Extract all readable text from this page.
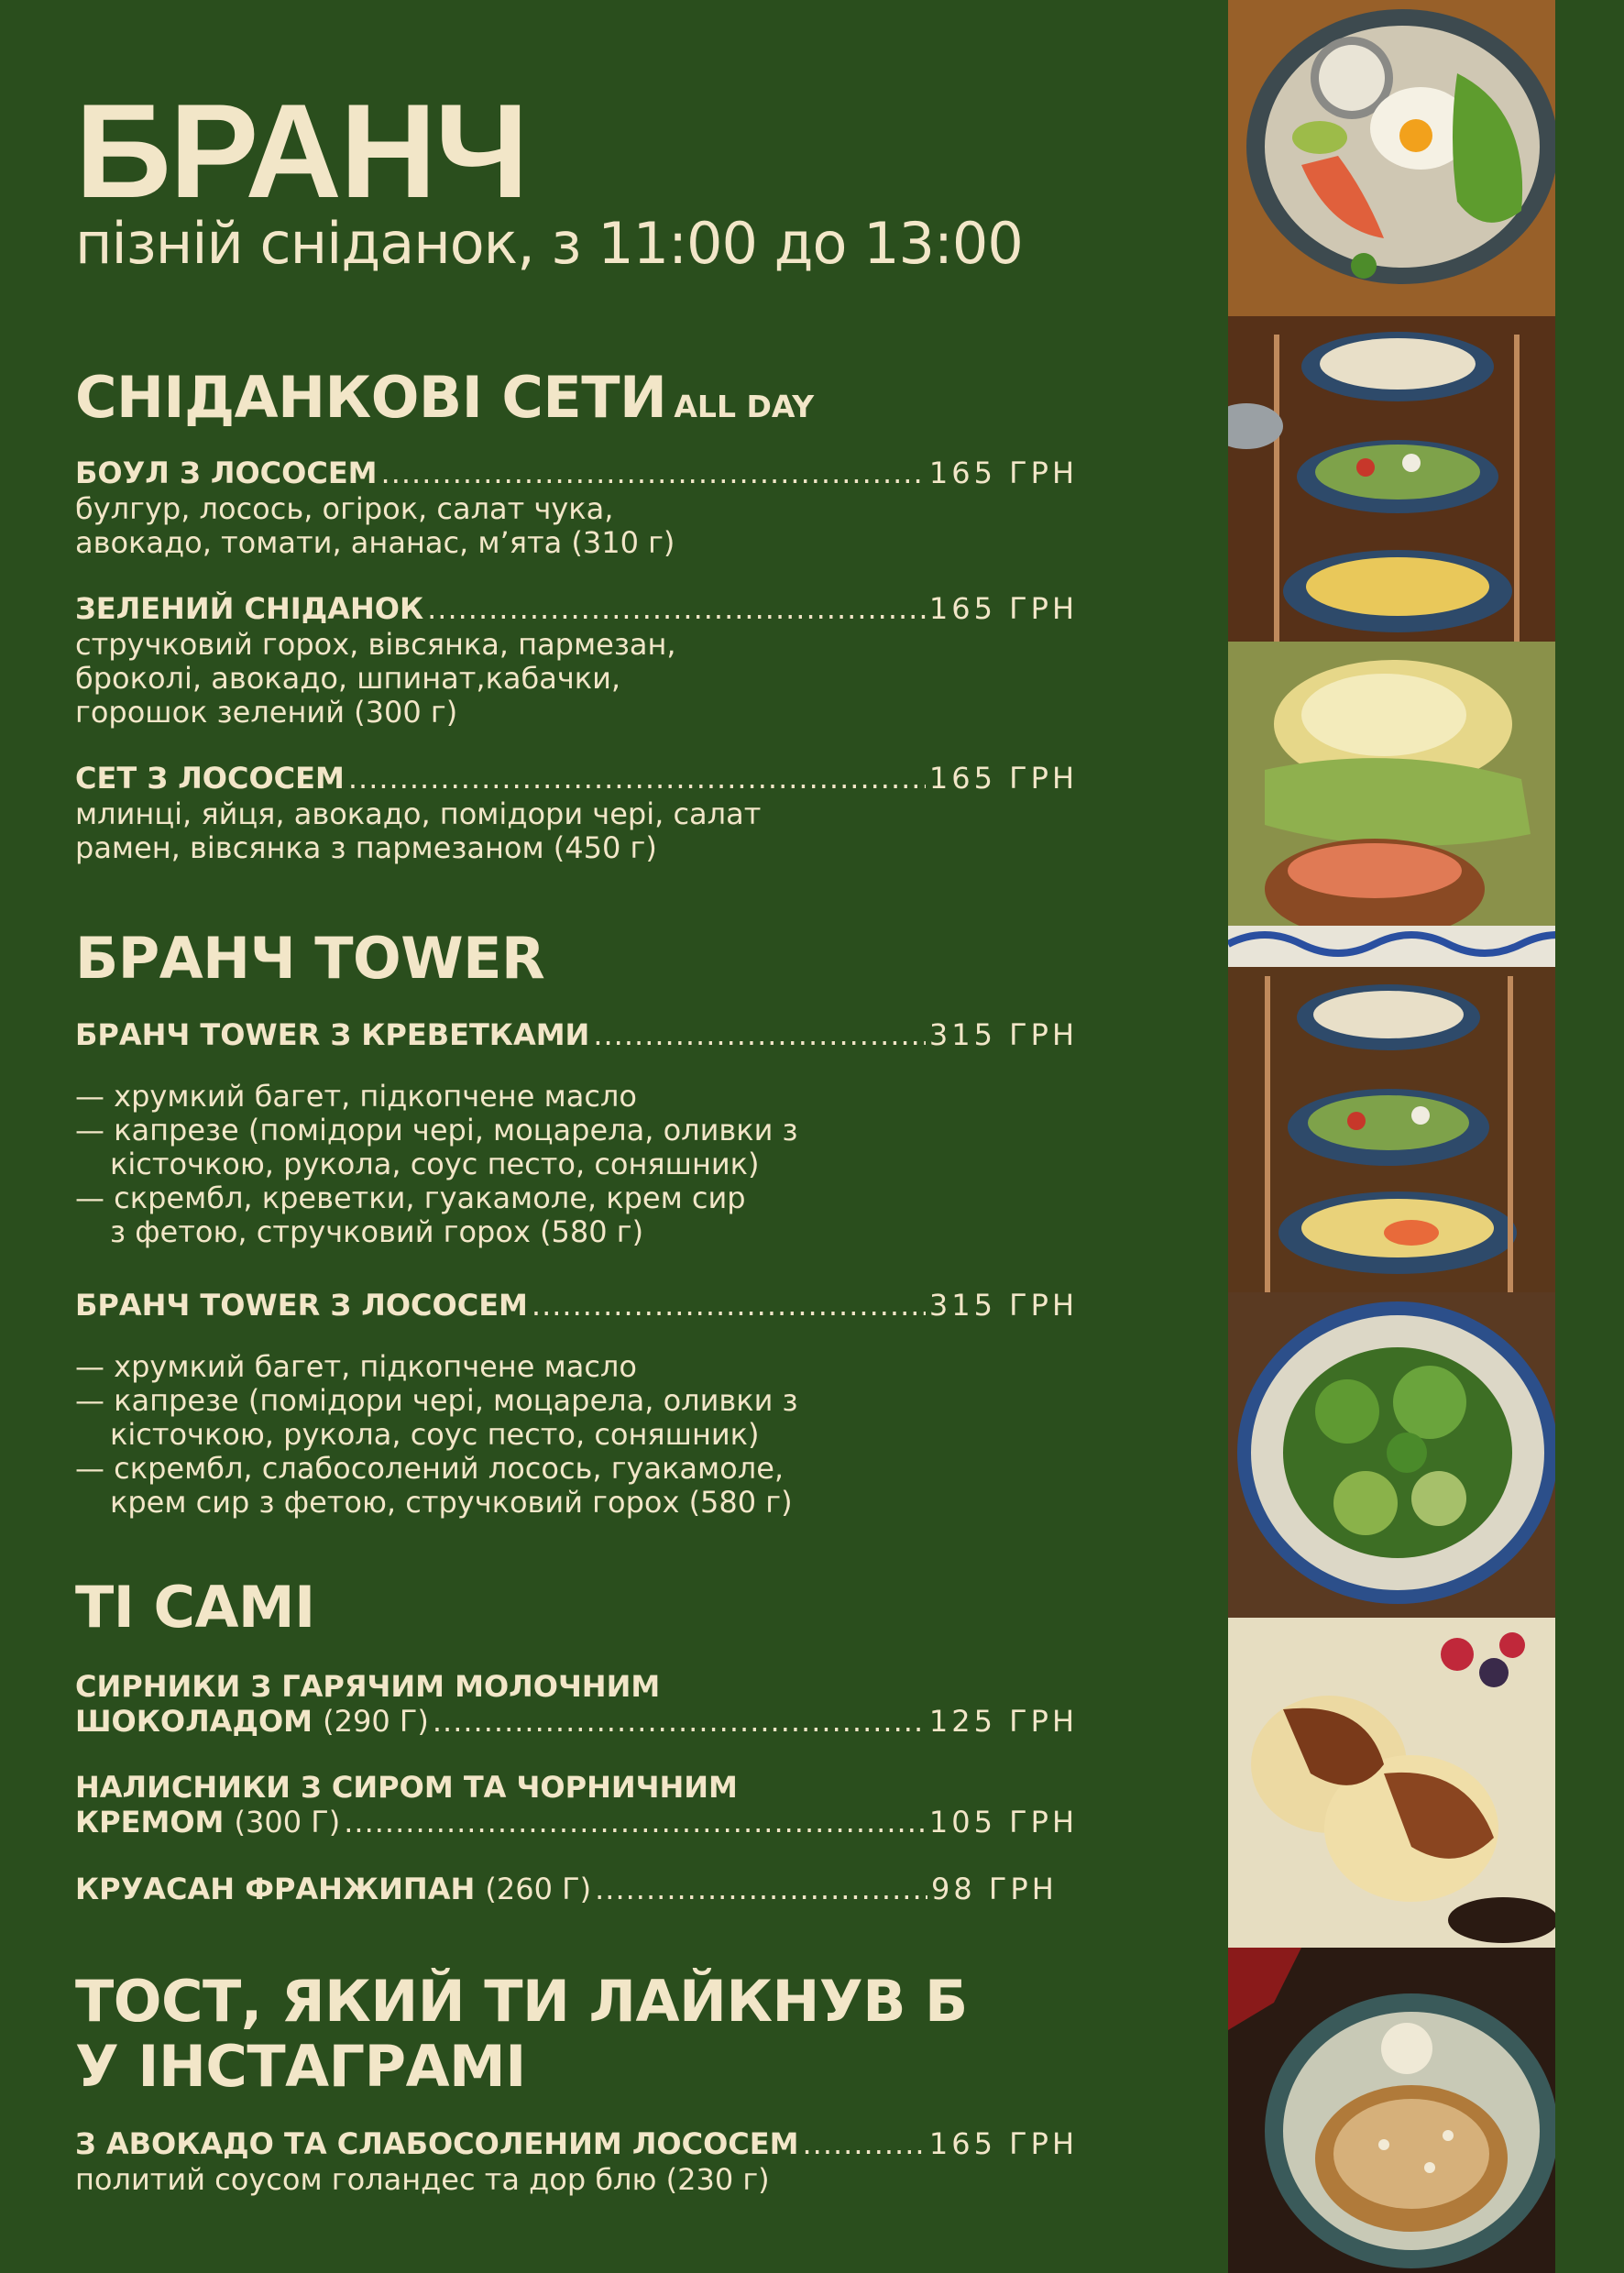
БРАНЧ
пізній сніданок, з 11:00 до 13:00
СНІДАНКОВІ СЕТИ ALL DAY
БОУЛ З ЛОСОСЕМ .....	165 ГРН
булгур, лосось, огірок, салат чука,
авокадо, томати, ананас, м’ята (310 г)
ЗЕЛЕНИЙ СНІДАНОК .....	165 ГРН
стручковий горох, вівсянка, пармезан,
броколі, авокадо, шпинат,кабачки,
горошок зелений (300 г)
СЕТ З ЛОСОСЕМ .....	165 ГРН
млинці, яйця, авокадо, помідори чері, салат
рамен, вівсянка з пармезаном (450 г)
БРАНЧ TOWER
БРАНЧ TOWER З КРЕВЕТКАМИ .....	315 ГРН
— хрумкий багет, підкопчене масло
— капрезе (помідори чері, моцарела, оливки з
кісточкою, рукола, соус песто, соняшник)
— скрембл, креветки, гуакамоле, крем сир
з фетою, стручковий горох (580 г)
БРАНЧ TOWER З ЛОСОСЕМ .....	315 ГРН
— хрумкий багет, підкопчене масло
— капрезе (помідори чері, моцарела, оливки з
кісточкою, рукола, соус песто, соняшник)
— скрембл, слабосолений лосось, гуакамоле,
крем сир з фетою, стручковий горох (580 г)
ТІ САМІ
СИРНИКИ З ГАРЯЧИМ МОЛОЧНИМ
ШОКОЛАДОМ (290 Г) .....	125 ГРН
НАЛИСНИКИ З СИРОМ ТА ЧОРНИЧНИМ
КРЕМОМ (300 Г) .....	105 ГРН
КРУАСАН ФРАНЖИПАН (260 Г) .....	98 ГРН
ТОСТ, ЯКИЙ ТИ ЛАЙКНУВ Б
У ІНСТАГРАМІ
З АВОКАДО ТА СЛАБОСОЛЕНИМ ЛОСОСЕМ .....	165 ГРН
политий соусом голандес та дор блю (230 г)
